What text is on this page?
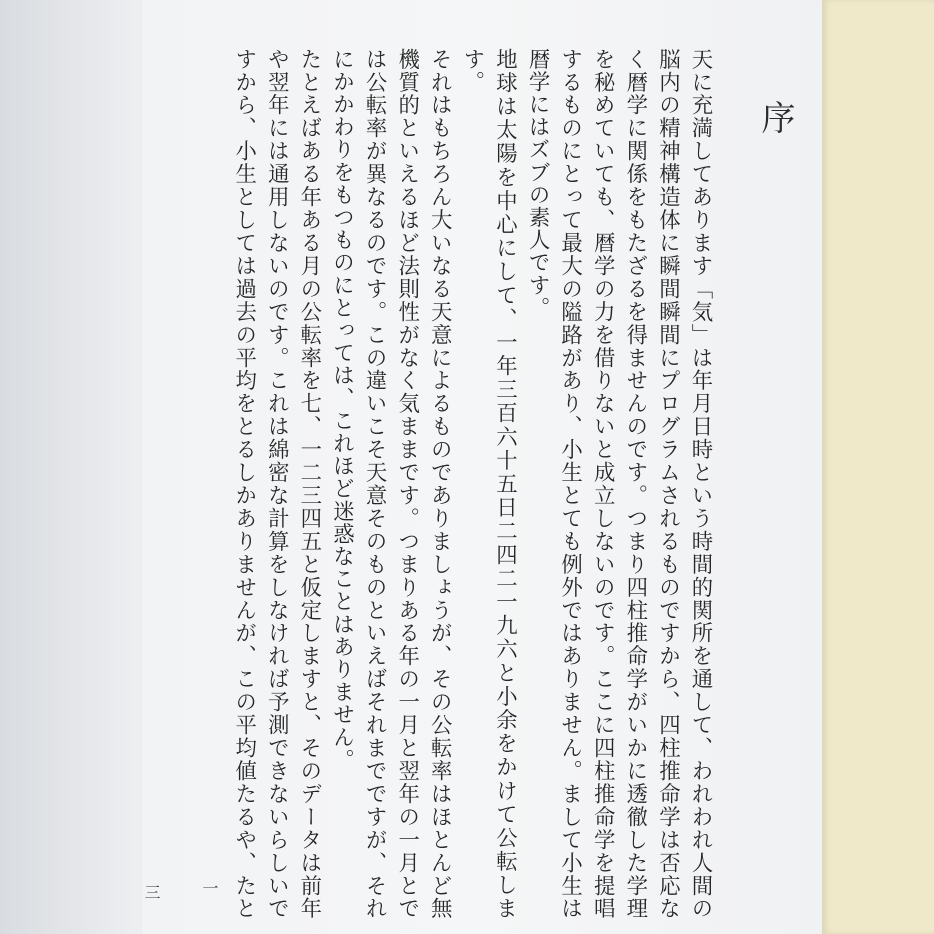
序

天に充満してあります「気」は年月日時という時間的関所を通して、われわれ人間の脳内の精神構造体に瞬間瞬間にプログラムされるものですから、四柱推命学は否応なく暦学に関係をもたざるを得ませんのです。つまり四柱推命学がいかに透徹した学理を秘めていても、暦学の力を借りないと成立しないのです。ここに四柱推命学を提唱するものにとって最大の隘路があり、小生とても例外ではありません。まして小生は暦学にはズブの素人です。

地球は太陽を中心にして、一年三百六十五日二四二一九六と小余をかけて公転します。

それはもちろん大いなる天意によるものでありましょうが、その公転率はほとんど無機質的といえるほど法則性がなく気ままです。つまりある年の一月と翌年の一月とでは公転率が異なるのです。この違いこそ天意そのものといえばそれまでですが、それにかかわりをもつものにとっては、これほど迷惑なことはありません。

たとえばある年ある月の公転率を七、一二三四五と仮定しますと、そのデータは前年や翌年には通用しないのです。これは綿密な計算をしなければ予測できないらしいですから、小生としては過去の平均をとるしかありませんが、この平均値たるや、たと

三 一
